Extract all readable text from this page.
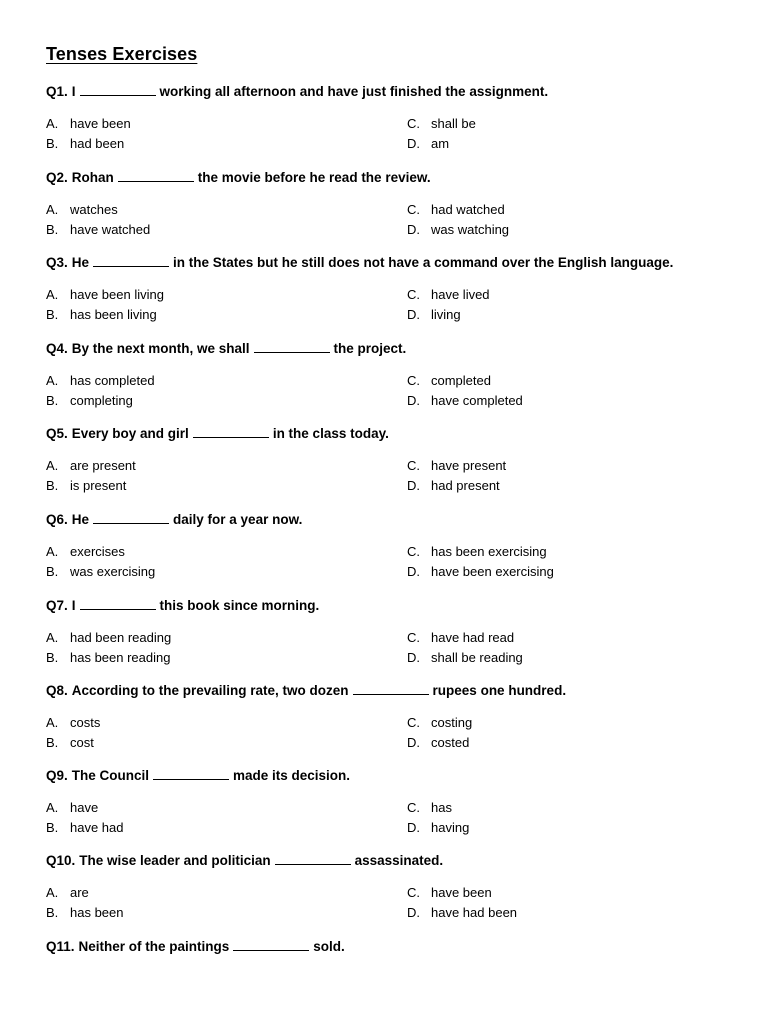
Tenses Exercises
Q1. I	working all afternoon and have just finished the assignment.
A. have been
B. had been
C. shall be
D. am
Q2. Rohan	the movie before he read the review.
A. watches
B. have watched
C. had watched
D. was watching
Q3. He	in the States but he still does not have a command over the English language.
A. have been living
B. has been living
C. have lived
D. living
Q4. By the next month, we shall	the project.
A. has completed
B. completing
C. completed
D. have completed
Q5. Every boy and girl	in the class today.
A. are present
B. is present
C. have present
D. had present
Q6. He	daily for a year now.
A. exercises
B. was exercising
C. has been exercising
D. have been exercising
Q7. I	this book since morning.
A. had been reading
B. has been reading
C. have had read
D. shall be reading
Q8. According to the prevailing rate, two dozen	rupees one hundred.
A. costs
B. cost
C. costing
D. costed
Q9. The Council	made its decision.
A. have
B. have had
C. has
D. having
Q10. The wise leader and politician	assassinated.
A. are
B. has been
C. have been
D. have had been
Q11. Neither of the paintings	sold.
